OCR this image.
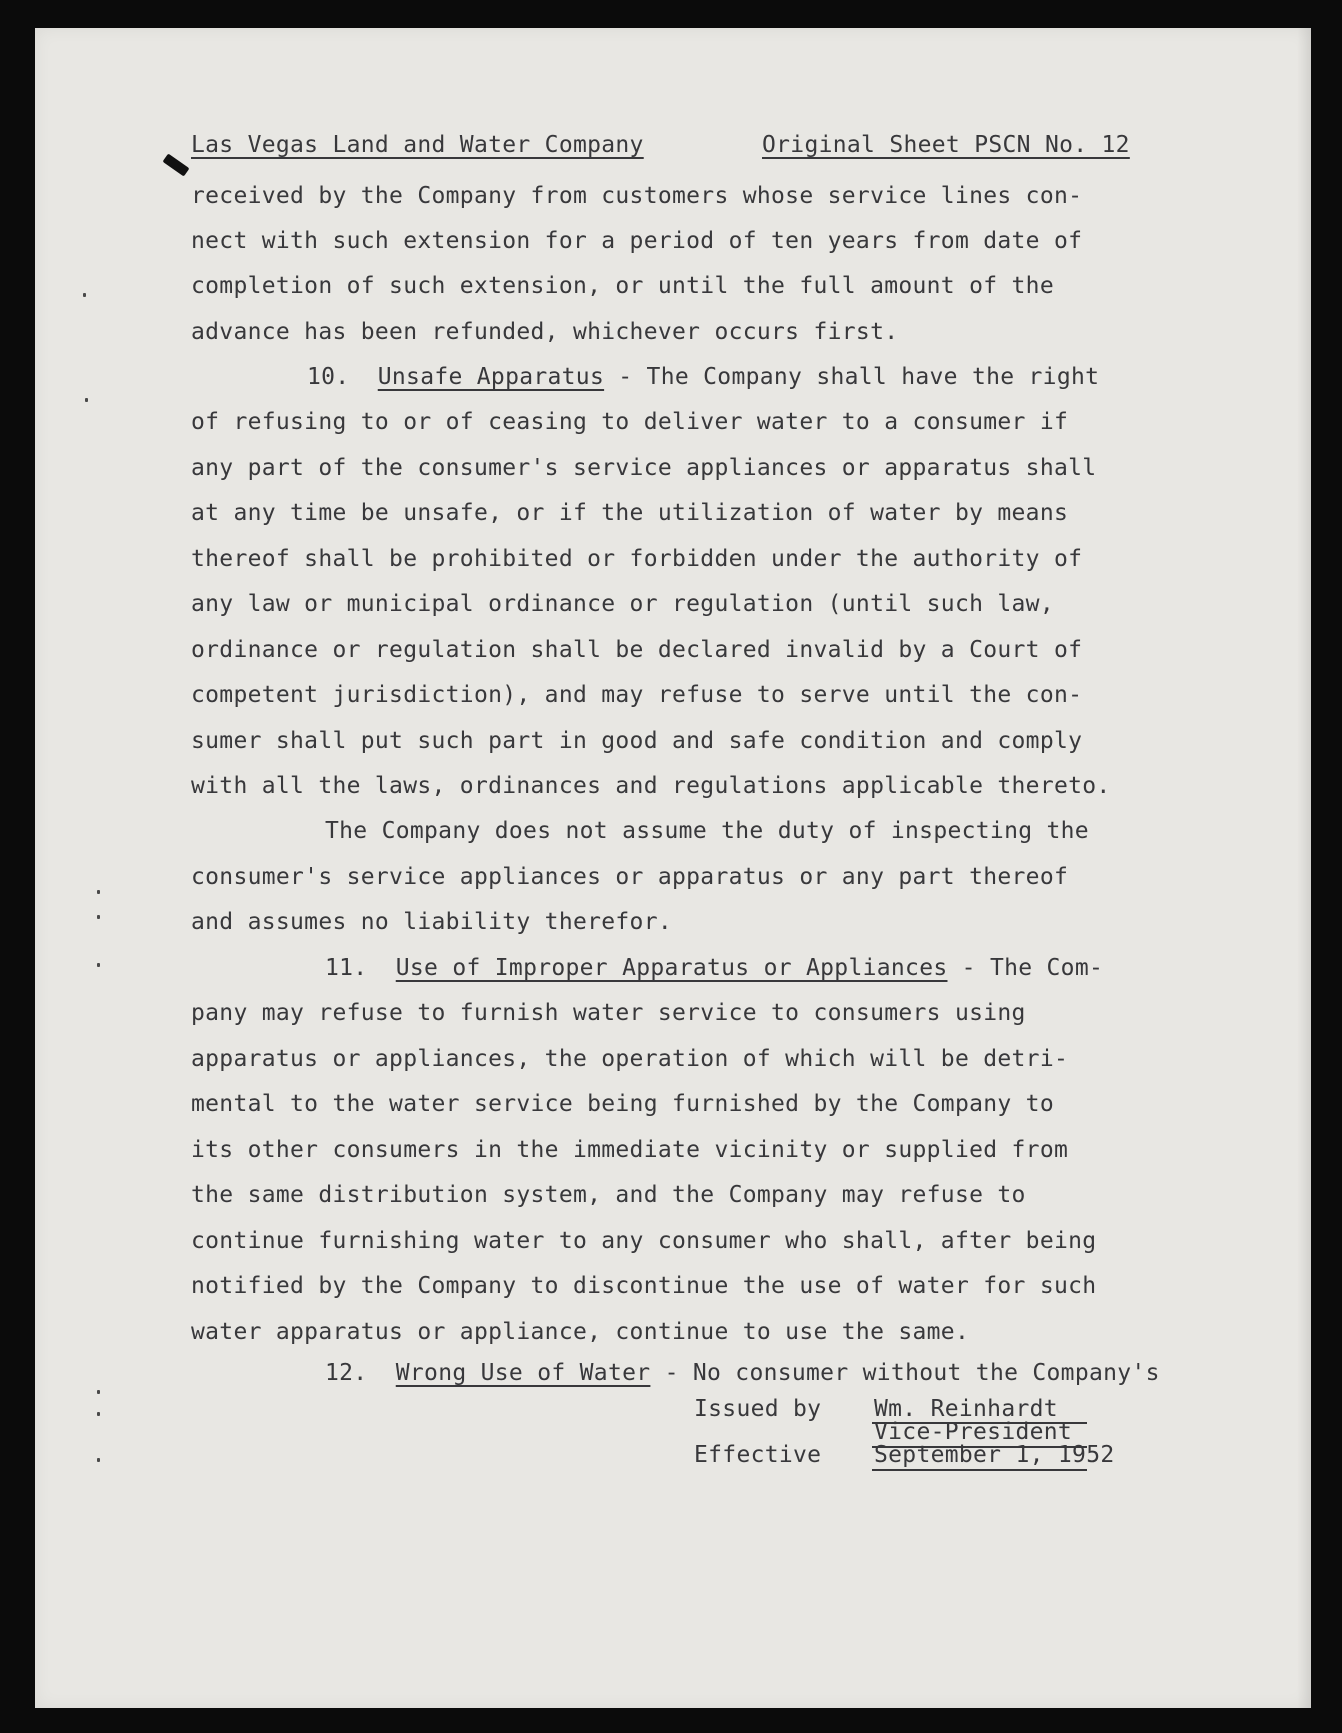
Las Vegas Land and Water Company	Original Sheet PSCN No. 12
received by the Company from customers whose service lines con-
nect with such extension for a period of ten years from date of
completion of such extension, or until the full amount of the
advance has been refunded, whichever occurs first.
10. Unsafe Apparatus - The Company shall have the right
of refusing to or of ceasing to deliver water to a consumer if
any part of the consumer's service appliances or apparatus shall
at any time be unsafe, or if the utilization of water by means
thereof shall be prohibited or forbidden under the authority of
any law or municipal ordinance or regulation (until such law,
ordinance or regulation shall be declared invalid by a Court of
competent jurisdiction), and may refuse to serve until the con-
sumer shall put such part in good and safe condition and comply
with all the laws, ordinances and regulations applicable thereto.
The Company does not assume the duty of inspecting the
consumer's service appliances or apparatus or any part thereof
and assumes no liability therefor.
11. Use of Improper Apparatus or Appliances - The Com-
pany may refuse to furnish water service to consumers using
apparatus or appliances, the operation of which will be detri-
mental to the water service being furnished by the Company to
its other consumers in the immediate vicinity or supplied from
the same distribution system, and the Company may refuse to
continue furnishing water to any consumer who shall, after being
notified by the Company to discontinue the use of water for such
water apparatus or appliance, continue to use the same.
12. Wrong Use of Water - No consumer without the Company's
Issued by Wm. Reinhardt
Vice-President
Effective September 1, 1952
